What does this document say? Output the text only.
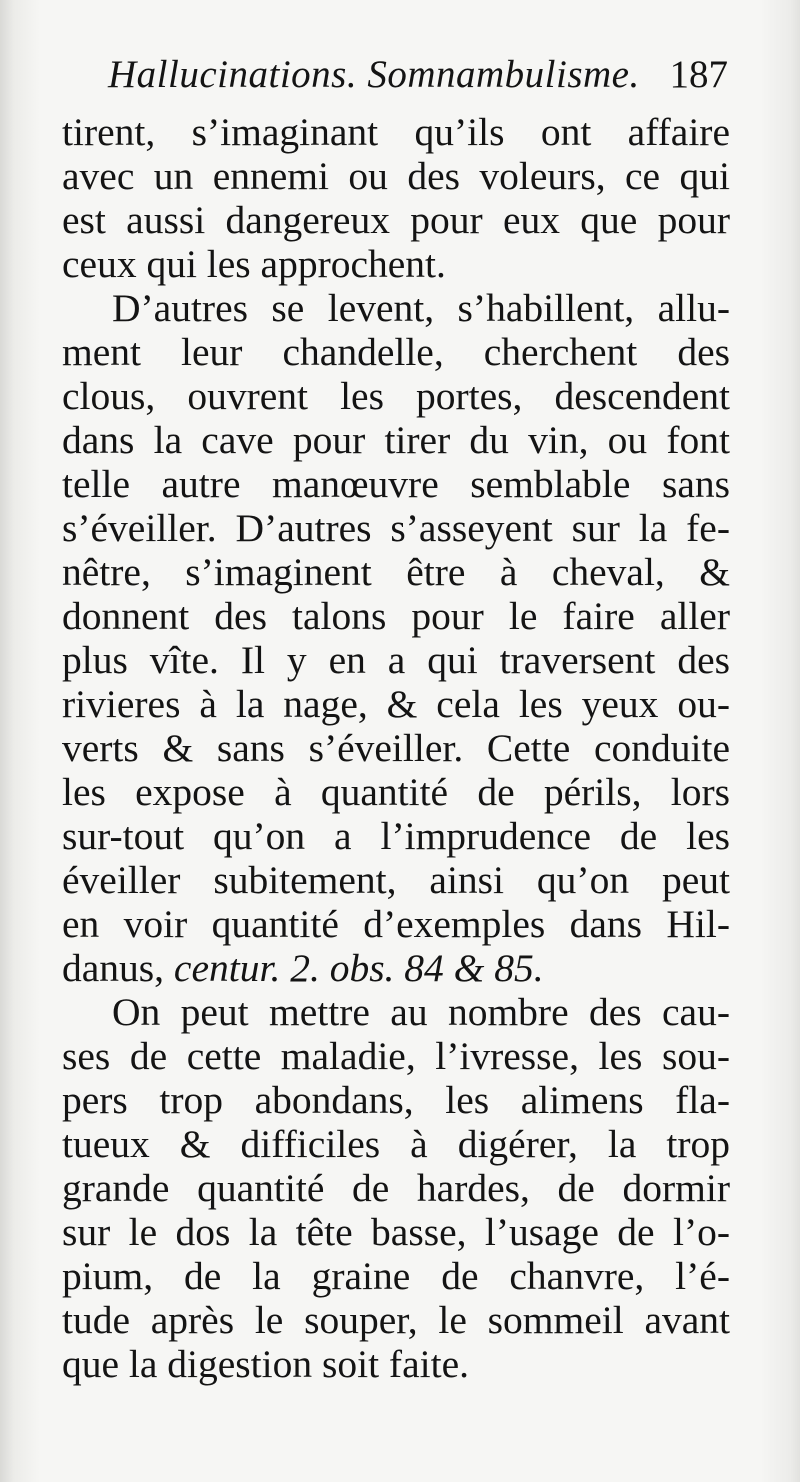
Hallucinations. Somnambulisme. 187
tirent, s’imaginant qu’ils ont affaire
avec un ennemi ou des voleurs, ce qui
est aussi dangereux pour eux que pour
ceux qui les approchent.
D’autres se levent, s’habillent, allu-
ment leur chandelle, cherchent des
clous, ouvrent les portes, descendent
dans la cave pour tirer du vin, ou font
telle autre manœuvre semblable sans
s’éveiller. D’autres s’asseyent sur la fe-
nêtre, s’imaginent être à cheval, &
donnent des talons pour le faire aller
plus vîte. Il y en a qui traversent des
rivieres à la nage, & cela les yeux ou-
verts & sans s’éveiller. Cette conduite
les expose à quantité de périls, lors
sur-tout qu’on a l’imprudence de les
éveiller subitement, ainsi qu’on peut
en voir quantité d’exemples dans Hil-
danus, centur. 2. obs. 84 & 85.
On peut mettre au nombre des cau-
ses de cette maladie, l’ivresse, les sou-
pers trop abondans, les alimens fla-
tueux & difficiles à digérer, la trop
grande quantité de hardes, de dormir
sur le dos la tête basse, l’usage de l’o-
pium, de la graine de chanvre, l’é-
tude après le souper, le sommeil avant
que la digestion soit faite.
